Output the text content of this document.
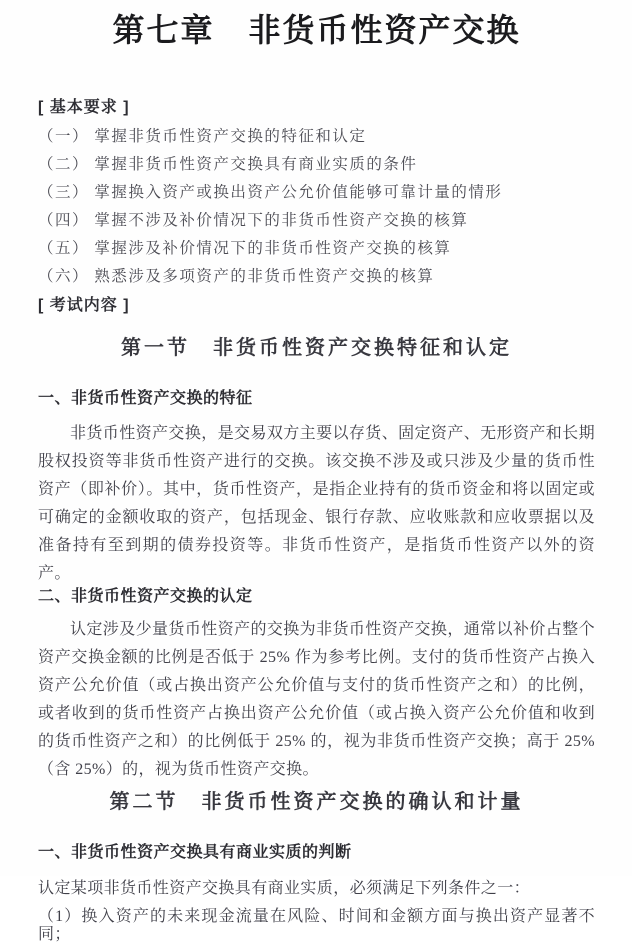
第七章　非货币性资产交换
[ 基本要求 ]
（一） 掌握非货币性资产交换的特征和认定
（二） 掌握非货币性资产交换具有商业实质的条件
（三） 掌握换入资产或换出资产公允价值能够可靠计量的情形
（四） 掌握不涉及补价情况下的非货币性资产交换的核算
（五） 掌握涉及补价情况下的非货币性资产交换的核算
（六） 熟悉涉及多项资产的非货币性资产交换的核算
[ 考试内容 ]
第一节　非货币性资产交换特征和认定
一、非货币性资产交换的特征

非货币性资产交换，是交易双方主要以存货、固定资产、无形资产和长期股权投资等非货币性资产进行的交换。该交换不涉及或只涉及少量的货币性资产（即补价）。其中，货币性资产，是指企业持有的货币资金和将以固定或可确定的金额收取的资产，包括现金、银行存款、应收账款和应收票据以及准备持有至到期的债券投资等。非货币性资产，是指货币性资产以外的资产。

二、非货币性资产交换的认定

认定涉及少量货币性资产的交换为非货币性资产交换，通常以补价占整个资产交换金额的比例是否低于 25% 作为参考比例。支付的货币性资产占换入资产公允价值（或占换出资产公允价值与支付的货币性资产之和）的比例，或者收到的货币性资产占换出资产公允价值（或占换入资产公允价值和收到的货币性资产之和）的比例低于 25% 的，视为非货币性资产交换；高于 25%（含 25%）的，视为货币性资产交换。

第二节　非货币性资产交换的确认和计量
一、非货币性资产交换具有商业实质的判断

认定某项非货币性资产交换具有商业实质，必须满足下列条件之一：

（1）换入资产的未来现金流量在风险、时间和金额方面与换出资产显著不同；
